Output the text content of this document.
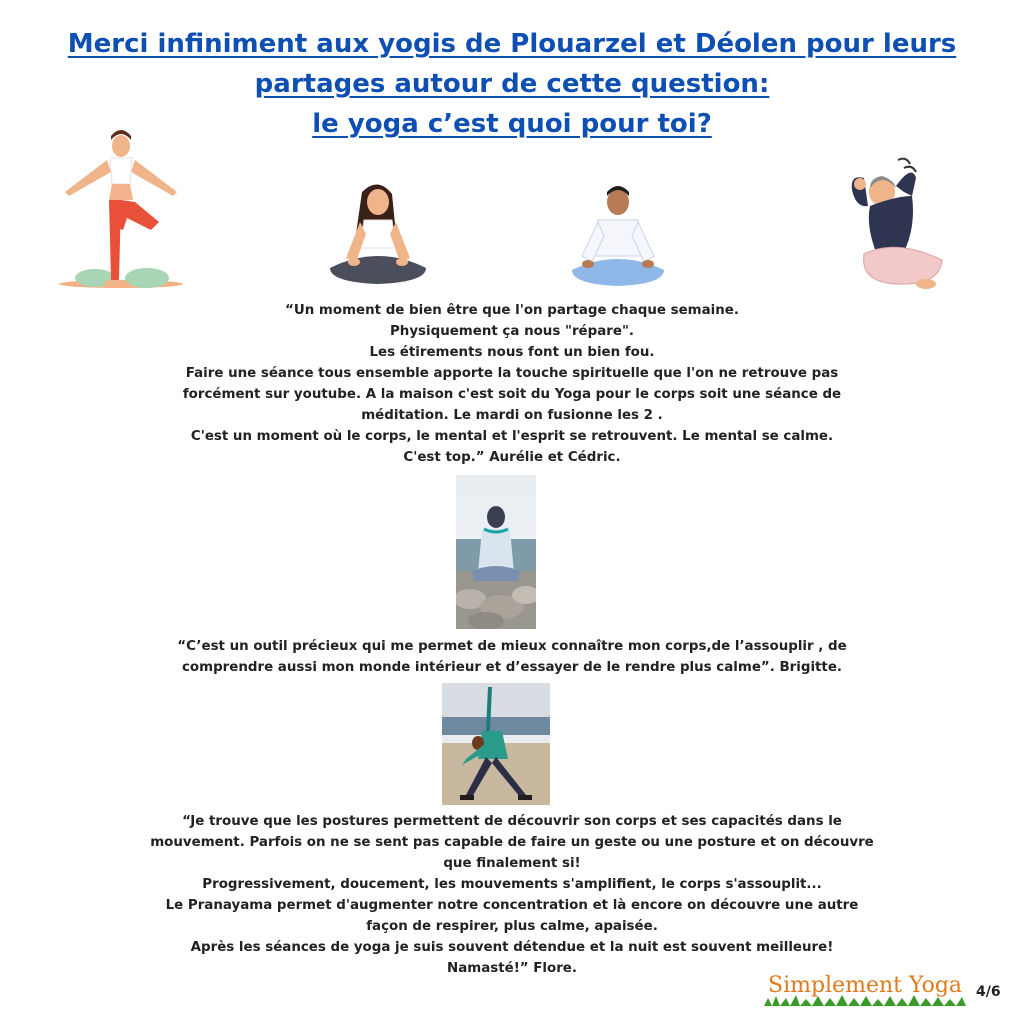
Merci infiniment aux yogis de Plouarzel et Déolen pour leurs
partages autour de cette question:
le yoga c’est quoi pour toi?
“Un moment de bien être que l'on partage chaque semaine.
Physiquement ça nous "répare".
Les étirements nous font un bien fou.
Faire une séance tous ensemble apporte la touche spirituelle que l'on ne retrouve pas
forcément sur youtube. A la maison c'est soit du Yoga pour le corps soit une séance de
méditation. Le mardi on fusionne les 2 .
C'est un moment où le corps, le mental et l'esprit se retrouvent. Le mental se calme.
C'est top.” Aurélie et Cédric.
“C’est un outil précieux qui me permet de mieux connaître mon corps,de l’assouplir , de
comprendre aussi mon monde intérieur et d’essayer de le rendre plus calme”. Brigitte.
“Je trouve que les postures permettent de découvrir son corps et ses capacités dans le
mouvement. Parfois on ne se sent pas capable de faire un geste ou une posture et on découvre
que finalement si!
Progressivement, doucement, les mouvements s'amplifient, le corps s'assouplit...
Le Pranayama permet d'augmenter notre concentration et là encore on découvre une autre
façon de respirer, plus calme, apaisée.
Après les séances de yoga je suis souvent détendue et la nuit est souvent meilleure!
Namasté!” Flore.
Simplement Yoga 4/6
